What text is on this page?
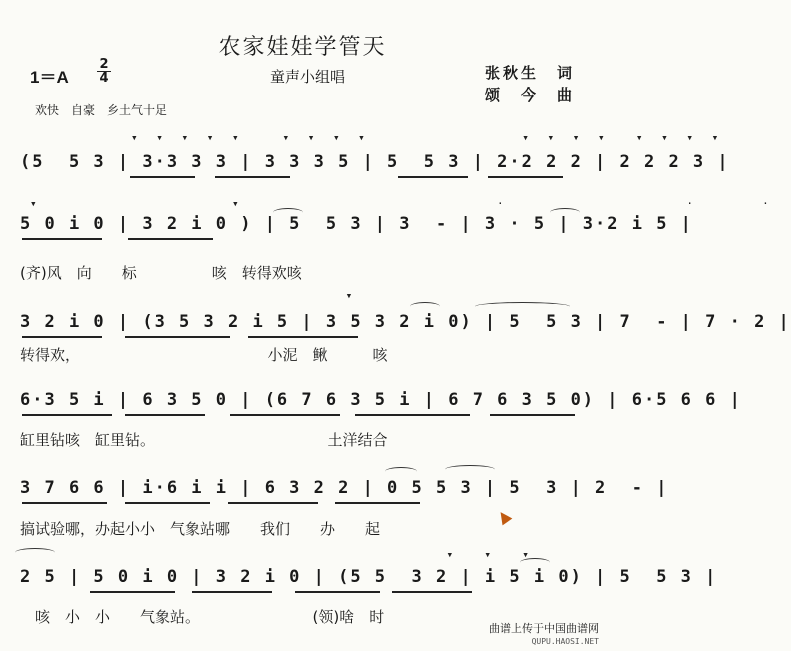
农家娃娃学管天
童声小组唱
1＝A
2
4
欢快　自豪　乡土气十足
张秋生　词
颂　今　曲
▾ ▾ ▾ ▾ ▾   ▾ ▾ ▾ ▾            ▾ ▾ ▾ ▾  ▾ ▾ ▾ ▾
(5  5 3 | 3·3 3 3 | 3 3 3 5 | 5  5 3 | 2·2 2 2 | 2 2 2 3 |
▾               ▾                    ·              ·     ·
5 0 i 0 | 3 2 i 0 ) | 5  5 3 | 3  - | 3 · 5 | 3·2 i 5 |
(齐)风　向　　标　　　　　咳　转得欢咳
▾
3 2 i 0 | (3 5 3 2 i 5 | 3 5 3 2 i 0) | 5  5 3 | 7  - | 7 · 2 |
转得欢，　　　　　　　　　　　　　小泥　鳅　　　咳
6·3 5 i | 6 3 5 0 | (6 7 6 3 5 i | 6 7 6 3 5 0) | 6·5 6 6 |
缸里钻咳　缸里钻。　　　　　　　　　　　　土洋结合
3 7 6 6 | i·6 i i | 6 3 2 2 | 0 5 5 3 | 5  3 | 2  - |
搞试验哪，办起小小　气象站哪　　我们　　办　　起
▾  ▾  ▾
2 5 | 5 0 i 0 | 3 2 i 0 | (5 5  3 2 | i 5 i 0) | 5  5 3 |
　咳　小　小　　气象站。　　　　　　　　(领)啥　时
曲谱上传于中国曲谱网
QUPU.HAOSI.NET
